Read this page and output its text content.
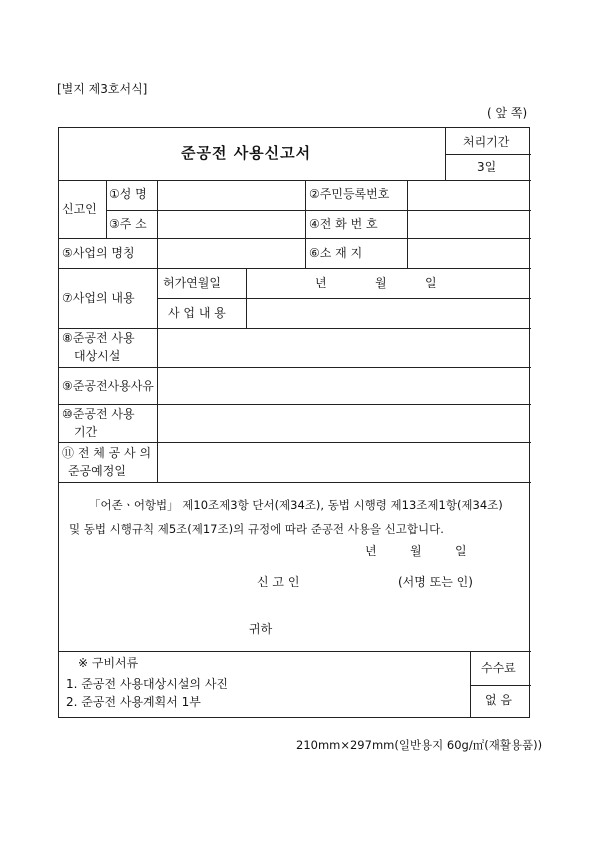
[별지 제3호서식]
( 앞 쪽)
준공전 사용신고서
처리기간
3일
신고인
①성 명	②주민등록번호
③주 소	④전 화 번 호
⑤사업의 명칭	⑥소 재 지
⑦사업의 내용
허가연월일	년	월	일
사 업 내 용
⑧준공전 사용
대상시설
⑨준공전사용사유
⑩준공전 사용
기간
⑪ 전 체 공 사 의
준공예정일
「어존ㆍ어항법」 제10조제3항 단서(제34조), 동법 시행령 제13조제1항(제34조)
및 동법 시행규칙 제5조(제17조)의 규정에 따라 준공전 사용을 신고합니다.
년	월	일
신 고 인	(서명 또는 인)
귀하
※ 구비서류
1. 준공전 사용대상시설의 사진
2. 준공전 사용계획서 1부
수수료
없 음
210mm×297mm(일반용지 60g/㎡(재활용품))
